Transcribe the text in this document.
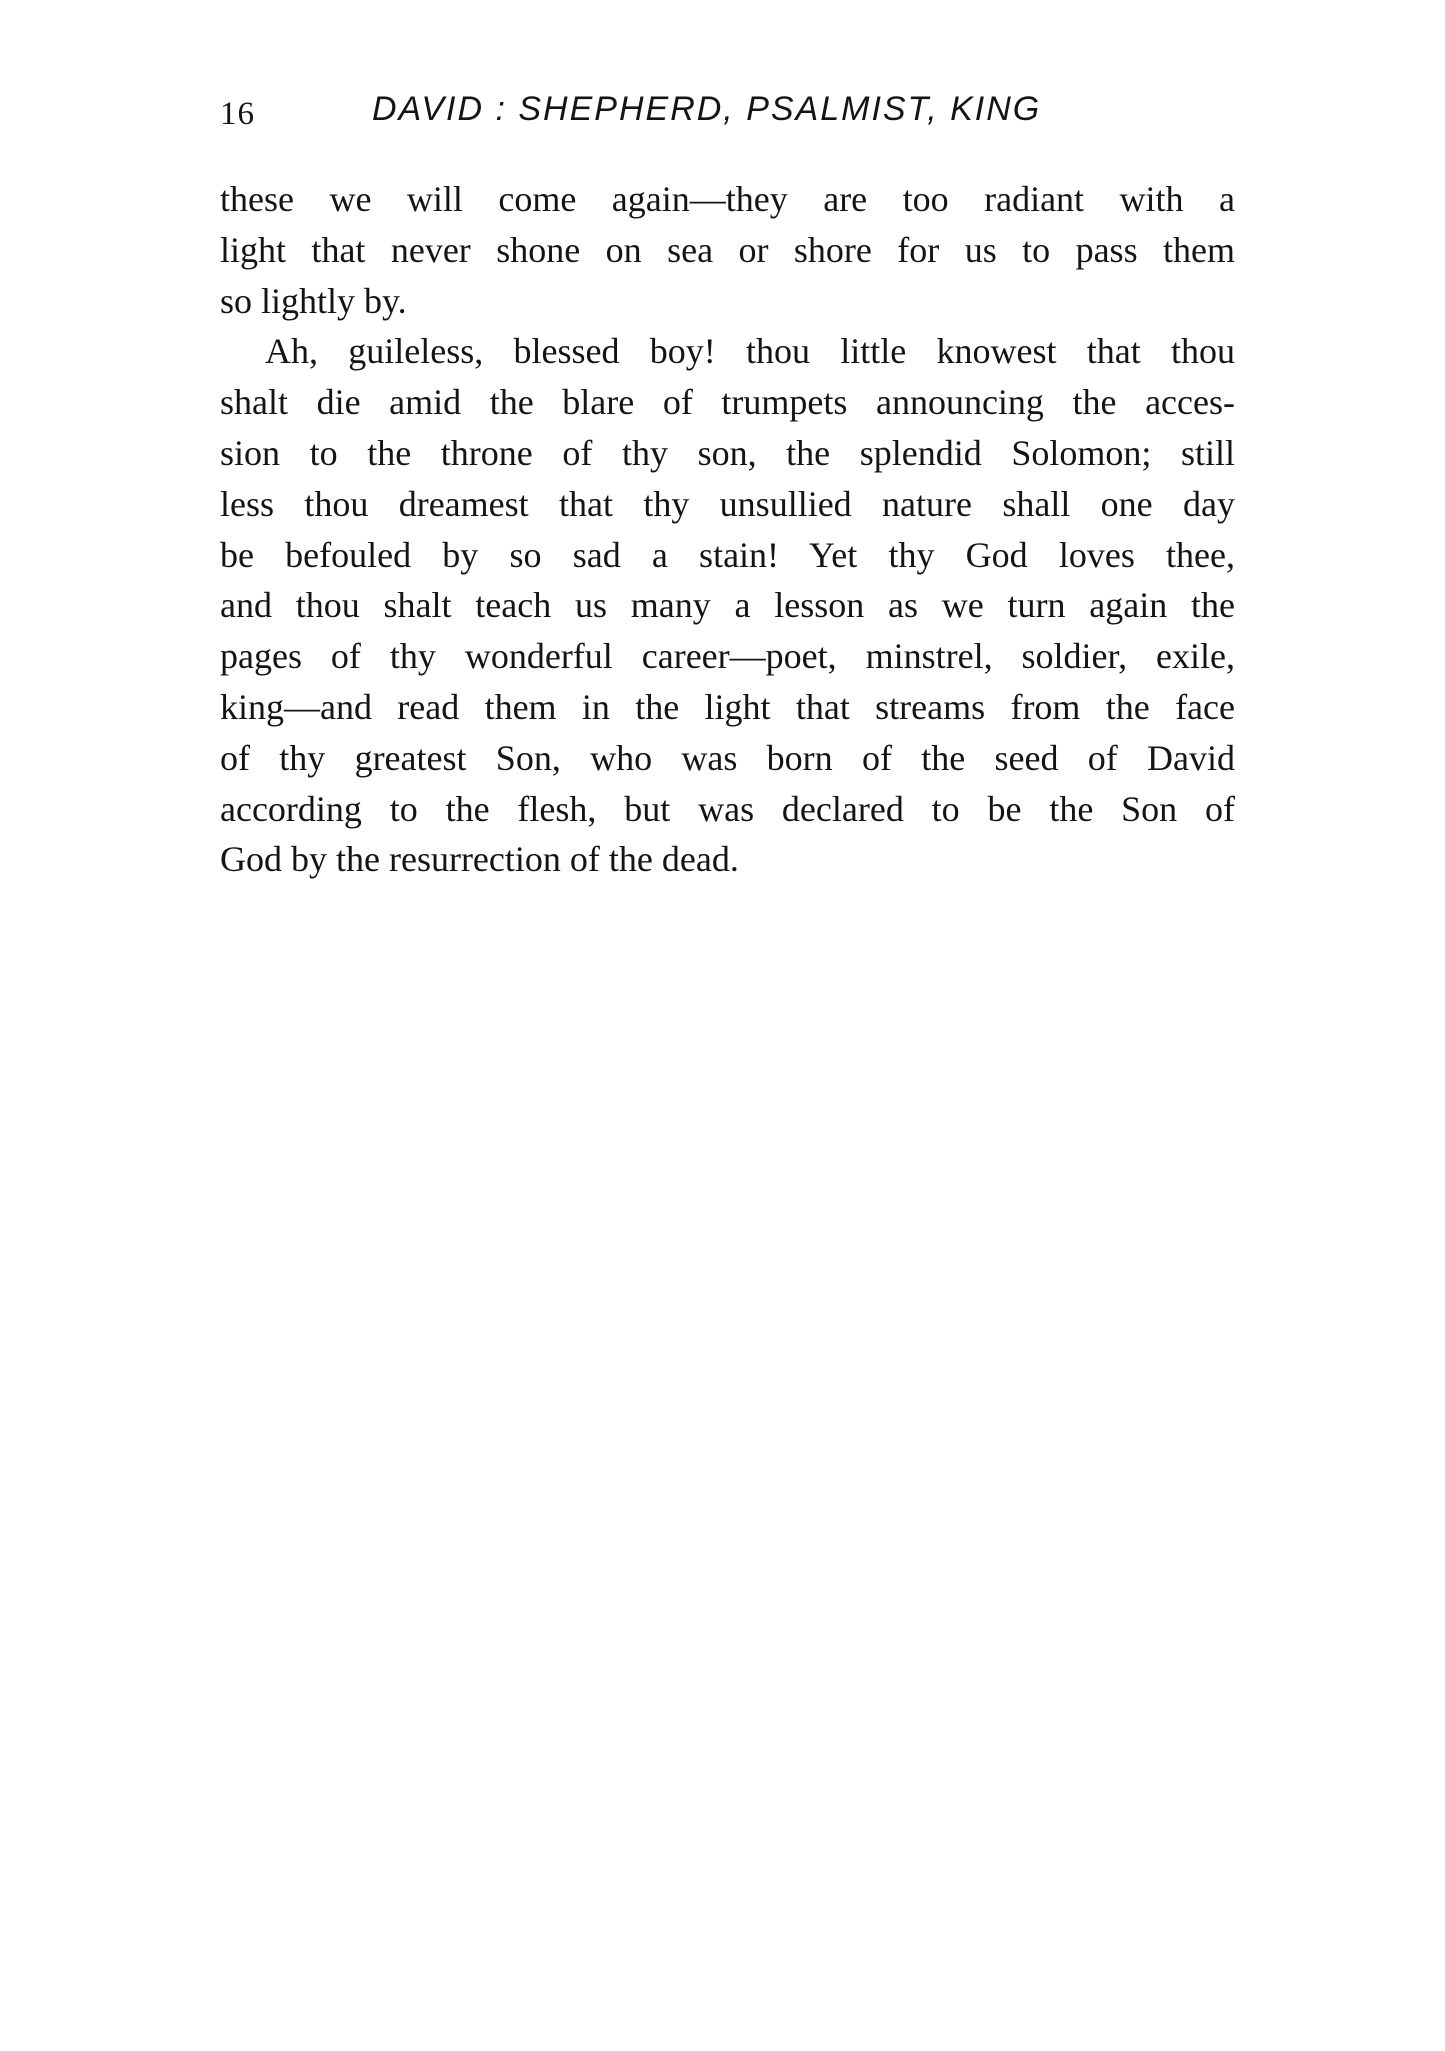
16	DAVID : SHEPHERD, PSALMIST, KING
these we will come again—they are too radiant with a
light that never shone on sea or shore for us to pass them
so lightly by.
Ah, guileless, blessed boy! thou little knowest that thou
shalt die amid the blare of trumpets announcing the acces-
sion to the throne of thy son, the splendid Solomon; still
less thou dreamest that thy unsullied nature shall one day
be befouled by so sad a stain! Yet thy God loves thee,
and thou shalt teach us many a lesson as we turn again the
pages of thy wonderful career—poet, minstrel, soldier, exile,
king—and read them in the light that streams from the face
of thy greatest Son, who was born of the seed of David
according to the flesh, but was declared to be the Son of
God by the resurrection of the dead.
